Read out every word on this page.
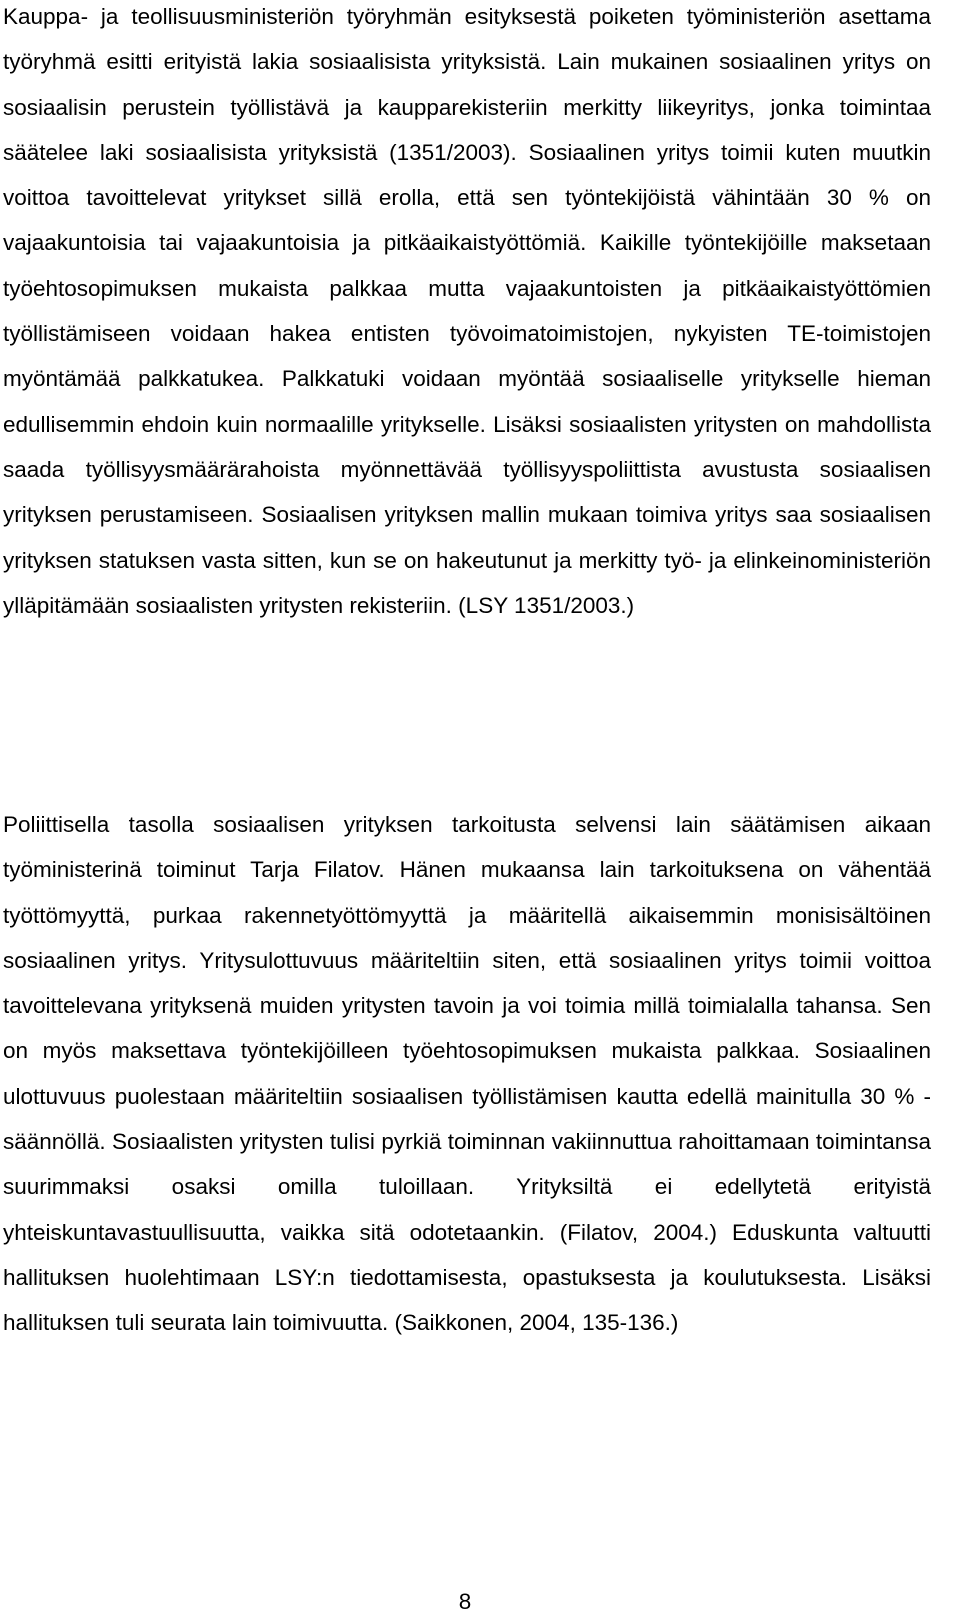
Kauppa- ja teollisuusministeriön työryhmän esityksestä poiketen työministeriön asettama työryhmä esitti erityistä lakia sosiaalisista yrityksistä. Lain mukainen sosiaalinen yritys on sosiaalisin perustein työllistävä ja kaupparekisteriin merkitty liikeyritys, jonka toimintaa säätelee laki sosiaalisista yrityksistä (1351/2003). Sosiaalinen yritys toimii kuten muutkin voittoa tavoittelevat yritykset sillä erolla, että sen työntekijöistä vähintään 30 % on vajaakuntoisia tai vajaakuntoisia ja pitkäaikaistyöttömiä. Kaikille työntekijöille maksetaan työehtosopimuksen mukaista palkkaa mutta vajaakuntoisten ja pitkäaikaistyöttömien työllistämiseen voidaan hakea entisten työvoimatoimistojen, nykyisten TE-toimistojen myöntämää palkkatukea. Palkkatuki voidaan myöntää sosiaaliselle yritykselle hieman edullisemmin ehdoin kuin normaalille yritykselle. Lisäksi sosiaalisten yritysten on mahdollista saada työllisyysmäärärahoista myönnettävää työllisyyspoliittista avustusta sosiaalisen yrityksen perustamiseen. Sosiaalisen yrityksen mallin mukaan toimiva yritys saa sosiaalisen yrityksen statuksen vasta sitten, kun se on hakeutunut ja merkitty työ- ja elinkeinoministeriön ylläpitämään sosiaalisten yritysten rekisteriin. (LSY 1351/2003.)

Poliittisella tasolla sosiaalisen yrityksen tarkoitusta selvensi lain säätämisen aikaan työministerinä toiminut Tarja Filatov. Hänen mukaansa lain tarkoituksena on vähentää työttömyyttä, purkaa rakennetyöttömyyttä ja määritellä aikaisemmin monisisältöinen sosiaalinen yritys. Yritysulottuvuus määriteltiin siten, että sosiaalinen yritys toimii voittoa tavoittelevana yrityksenä muiden yritysten tavoin ja voi toimia millä toimialalla tahansa. Sen on myös maksettava työntekijöilleen työehtosopimuksen mukaista palkkaa. Sosiaalinen ulottuvuus puolestaan määriteltiin sosiaalisen työllistämisen kautta edellä mainitulla 30 % -säännöllä. Sosiaalisten yritysten tulisi pyrkiä toiminnan vakiinnuttua rahoittamaan toimintansa suurimmaksi osaksi omilla tuloillaan. Yrityksiltä ei edellytetä erityistä yhteiskuntavastuullisuutta, vaikka sitä odotetaankin. (Filatov, 2004.) Eduskunta valtuutti hallituksen huolehtimaan LSY:n tiedottamisesta, opastuksesta ja koulutuksesta. Lisäksi hallituksen tuli seurata lain toimivuutta. (Saikkonen, 2004, 135-136.)

8
